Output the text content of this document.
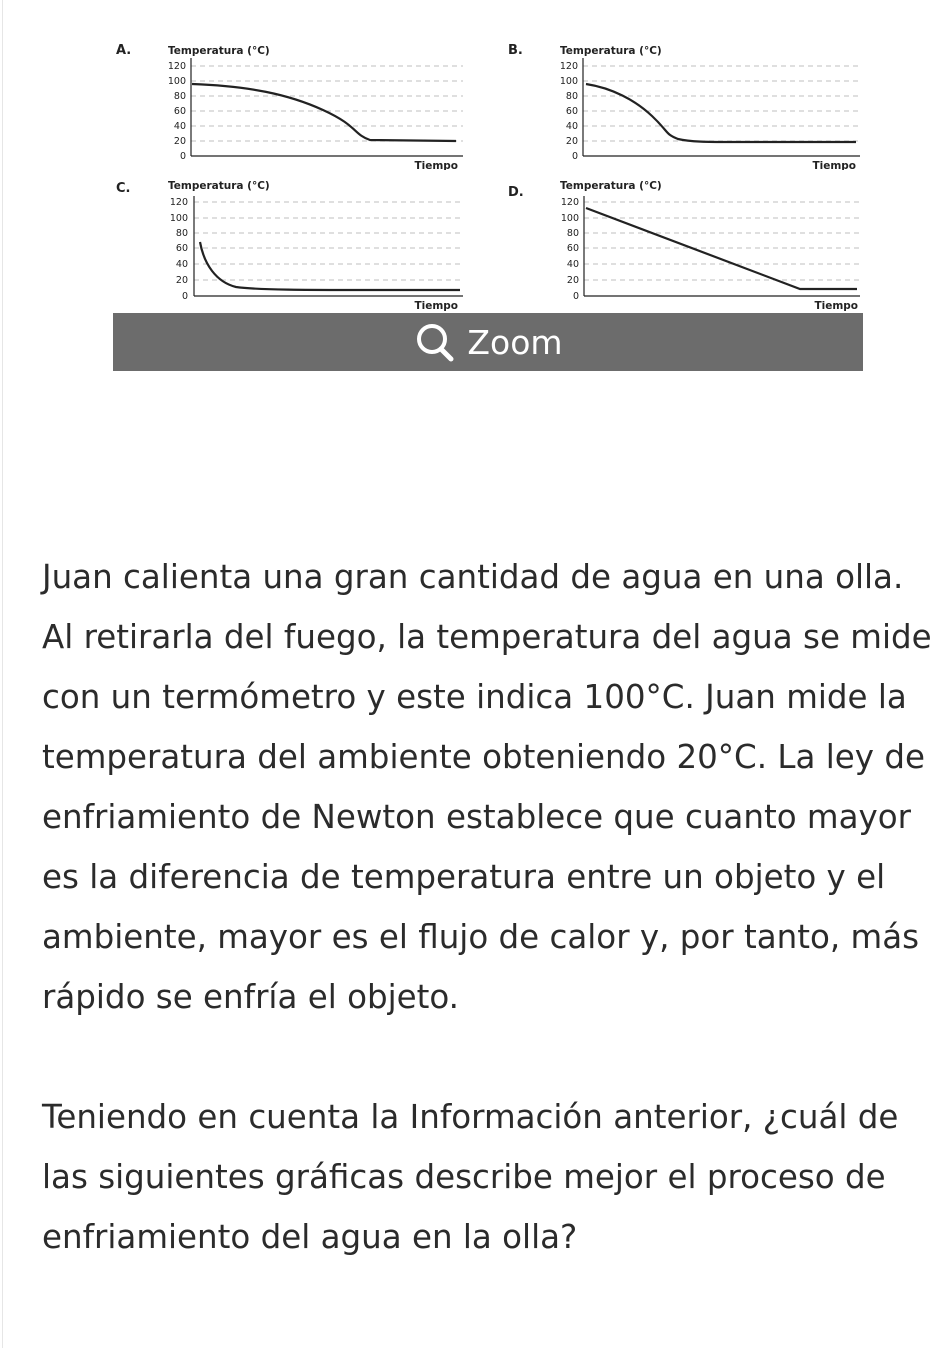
A.	Temperatura (°C)
120
100
80
60
40
20
0
Tiempo
B.	Temperatura (°C)
120
100
80
60
40
20
0
Tiempo
C.	Temperatura (°C)
120
100
80
60
40
20
0
Tiempo
D.	Temperatura (°C)
120
100
80
60
40
20
0
Tiempo
Zoom

Juan calienta una gran cantidad de agua en una olla. Al retirarla del fuego, la temperatura del agua se mide con un termómetro y este indica 100°C. Juan mide la temperatura del ambiente obteniendo 20°C. La ley de enfriamiento de Newton establece que cuanto mayor es la diferencia de temperatura entre un objeto y el ambiente, mayor es el flujo de calor y, por tanto, más rápido se enfría el objeto.

Teniendo en cuenta la Información anterior, ¿cuál de las siguientes gráficas describe mejor el proceso de enfriamiento del agua en la olla?
